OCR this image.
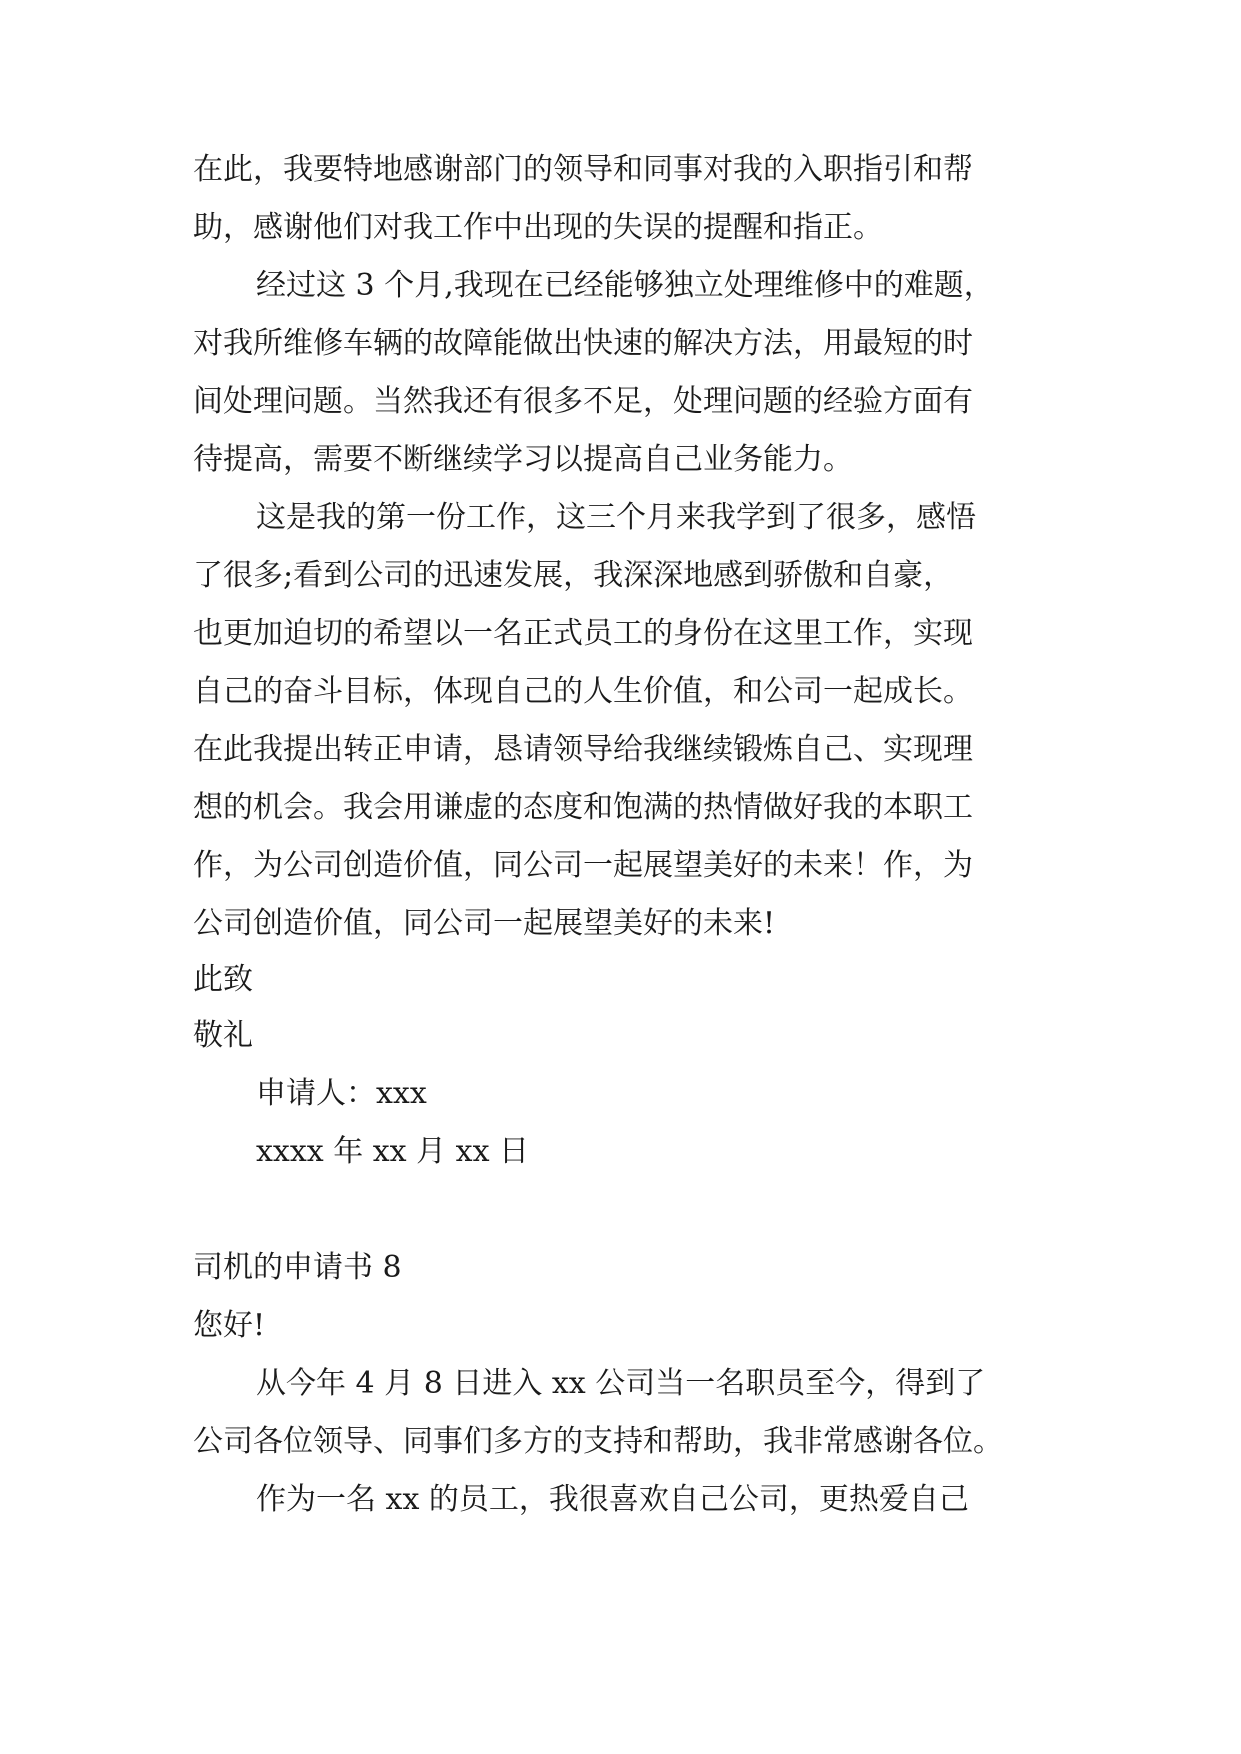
在此，我要特地感谢部门的领导和同事对我的入职指引和帮
助，感谢他们对我工作中出现的失误的提醒和指正。
经过这 3 个月,我现在已经能够独立处理维修中的难题，
对我所维修车辆的故障能做出快速的解决方法，用最短的时
间处理问题。当然我还有很多不足，处理问题的经验方面有
待提高，需要不断继续学习以提高自己业务能力。
这是我的第一份工作，这三个月来我学到了很多，感悟
了很多;看到公司的迅速发展，我深深地感到骄傲和自豪，
也更加迫切的希望以一名正式员工的身份在这里工作，实现
自己的奋斗目标，体现自己的人生价值，和公司一起成长。
在此我提出转正申请，恳请领导给我继续锻炼自己、实现理
想的机会。我会用谦虚的态度和饱满的热情做好我的本职工
作，为公司创造价值，同公司一起展望美好的未来！作，为
公司创造价值，同公司一起展望美好的未来!
此致
敬礼
申请人：xxx
xxxx 年 xx 月 xx 日
司机的申请书 8
您好!
从今年 4 月 8 日进入 xx 公司当一名职员至今，得到了
公司各位领导、同事们多方的支持和帮助，我非常感谢各位。
作为一名 xx 的员工，我很喜欢自己公司，更热爱自己
